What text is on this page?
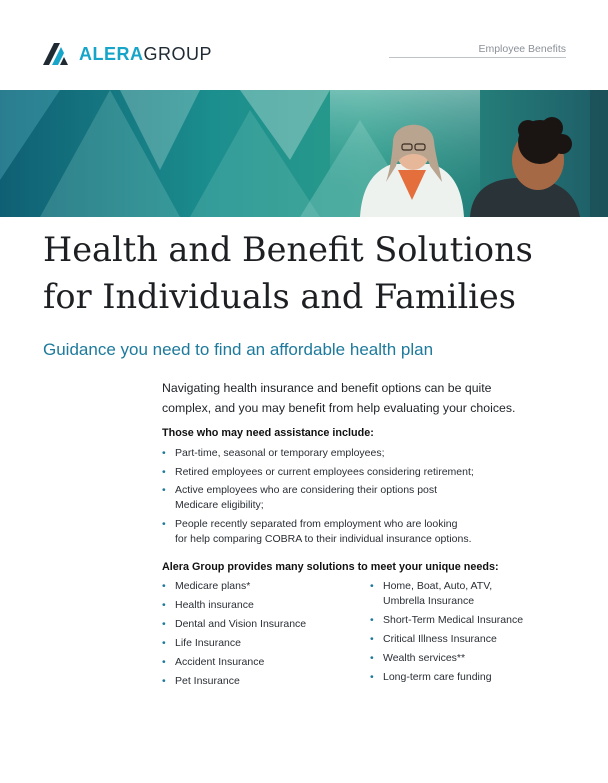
ALERAGROUP	Employee Benefits
Health and Benefit Solutions
for Individuals and Families
Guidance you need to find an affordable health plan

Navigating health insurance and benefit options can be quite
complex, and you may benefit from help evaluating your choices.

Those who may need assistance include:

• Part-time, seasonal or temporary employees;
• Retired employees or current employees considering retirement;
• Active employees who are considering their options post
Medicare eligibility;
• People recently separated from employment who are looking
for help comparing COBRA to their individual insurance options.

Alera Group provides many solutions to meet your unique needs:

• Medicare plans*
• Health insurance
• Dental and Vision Insurance
• Life Insurance
• Accident Insurance
• Pet Insurance
• Home, Boat, Auto, ATV,
Umbrella Insurance
• Short-Term Medical Insurance
• Critical Illness Insurance
• Wealth services**
• Long-term care funding
